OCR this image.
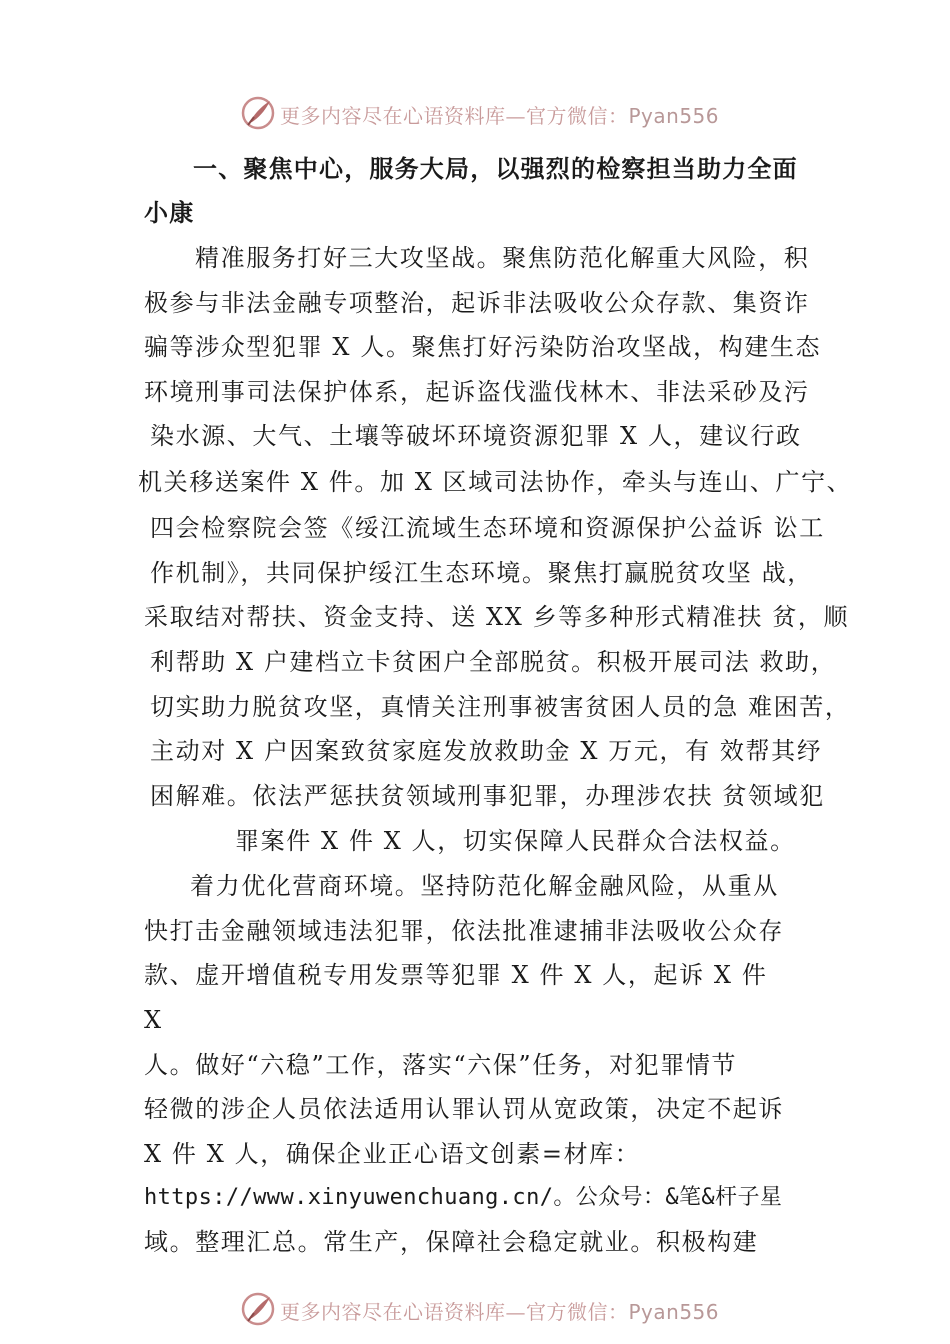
更多内容尽在心语资料库—官方微信：Pyan556
一、聚焦中心，服务大局，以强烈的检察担当助力全面
小康
精准服务打好三大攻坚战。聚焦防范化解重大风险，积
极参与非法金融专项整治，起诉非法吸收公众存款、集资诈
骗等涉众型犯罪 X 人。聚焦打好污染防治攻坚战，构建生态
环境刑事司法保护体系，起诉盗伐滥伐林木、非法采砂及污
染水源、大气、土壤等破坏环境资源犯罪 X 人，建议行政
机关移送案件 X 件。加 X 区域司法协作，牵头与连山、广宁、
四会检察院会签《绥江流域生态环境和资源保护公益诉 讼工
作机制》，共同保护绥江生态环境。聚焦打赢脱贫攻坚 战，
采取结对帮扶、资金支持、送 XX 乡等多种形式精准扶 贫，顺
利帮助 X 户建档立卡贫困户全部脱贫。积极开展司法 救助，
切实助力脱贫攻坚，真情关注刑事被害贫困人员的急 难困苦，
主动对 X 户因案致贫家庭发放救助金 X 万元，有 效帮其纾
困解难。依法严惩扶贫领域刑事犯罪，办理涉农扶 贫领域犯
罪案件 X 件 X 人，切实保障人民群众合法权益。
着力优化营商环境。坚持防范化解金融风险，从重从
快打击金融领域违法犯罪，依法批准逮捕非法吸收公众存
款、虚开增值税专用发票等犯罪 X 件 X 人，起诉 X 件
X
人。做好“六稳”工作，落实“六保”任务，对犯罪情节
轻微的涉企人员依法适用认罪认罚从宽政策，决定不起诉
X 件 X 人，确保企业正心语文创素=材库：
https://www.xinyuwenchuang.cn/。公众号：&笔&杆子星
域。整理汇总。常生产，保障社会稳定就业。积极构建
更多内容尽在心语资料库—官方微信：Pyan556
